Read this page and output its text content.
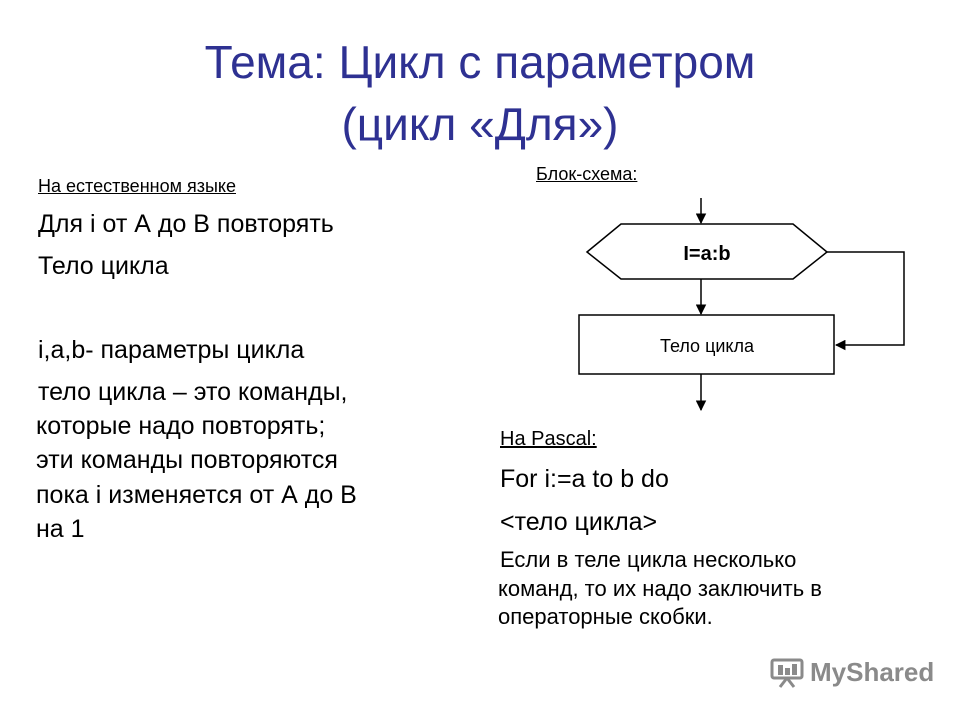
Тема: Цикл с параметром
(цикл «Для»)
На естественном языке
Для i от А до В повторять
Тело цикла
i,a,b- параметры цикла
тело цикла – это команды,
которые надо повторять;
эти команды повторяются
пока i изменяется от А до В
на 1
Блок-схема:
I=a:b
Тело цикла
На Pascal:
For i:=a to b do
<тело цикла>
Если в теле цикла несколько
команд, то их надо заключить в
операторные скобки.
MyShared
